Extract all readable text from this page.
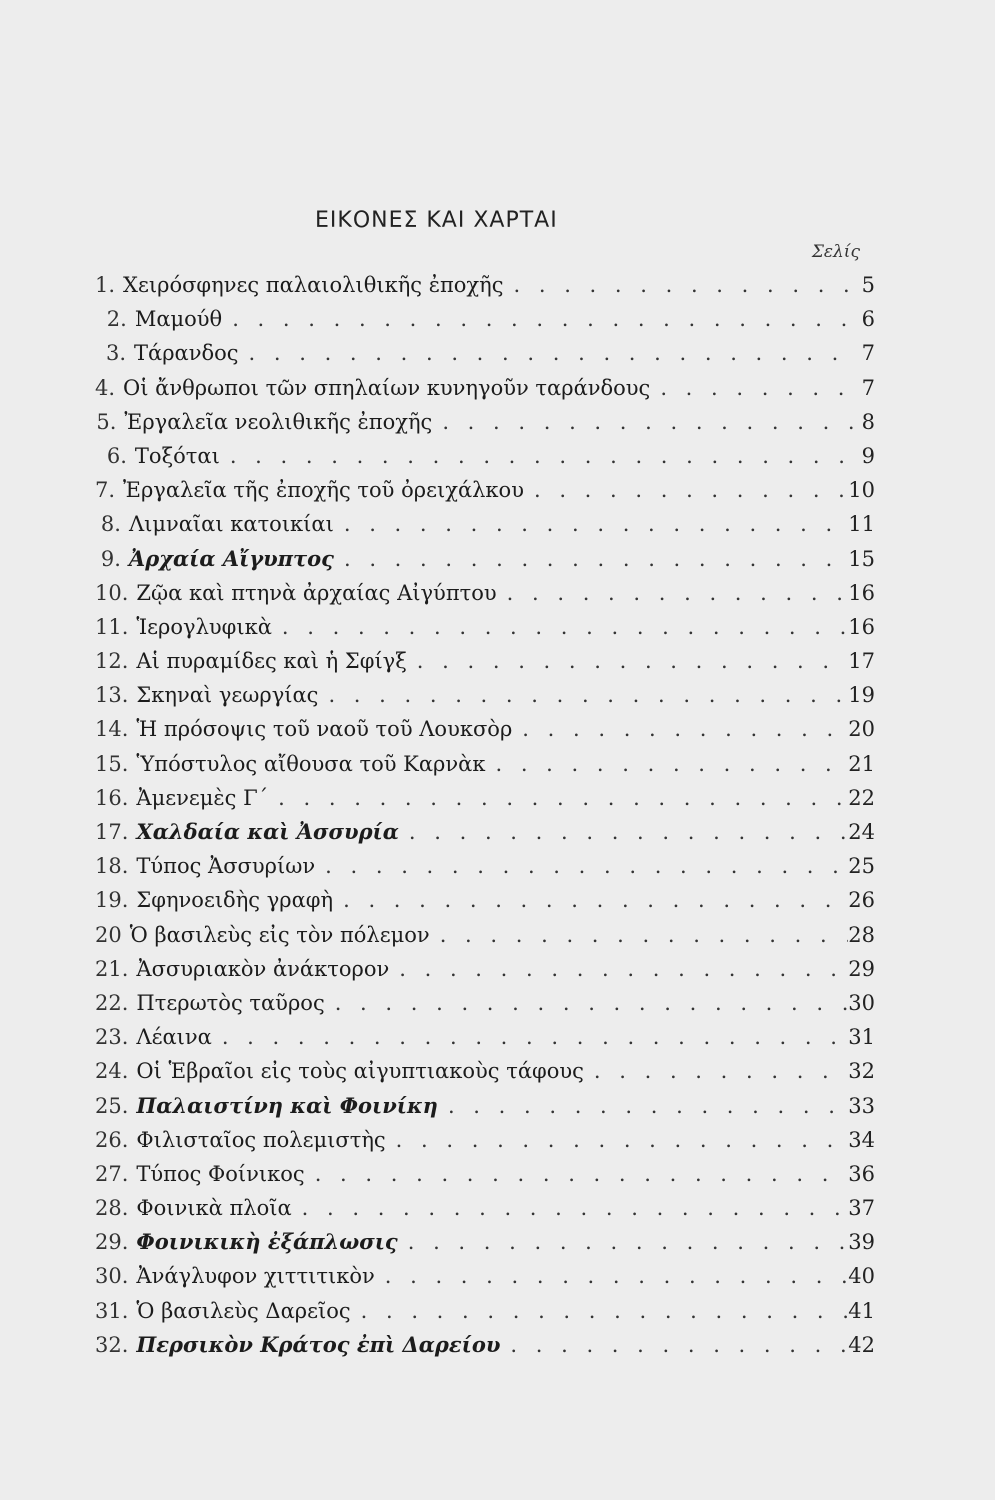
ΕΙΚΟΝΕΣ ΚΑΙ ΧΑΡΤΑΙ
Σελίς
1. Χειρόσφηνες παλαιολιθικῆς ἐποχῆς . . .	5
2. Μαμούθ . . .	6
3. Τάρανδος . . .	7
4. Οἱ ἄνθρωποι τῶν σπηλαίων κυνηγοῦν ταράνδους . . .	7
5. Ἐργαλεῖα νεολιθικῆς ἐποχῆς . . .	8
6. Τοξόται . . .	9
7. Ἐργαλεῖα τῆς ἐποχῆς τοῦ ὀρειχάλκου . . .	10
8. Λιμναῖαι κατοικίαι . . .	11
9. Ἀρχαία Αἴγυπτος . . .	15
10. Ζῷα καὶ πτηνὰ ἀρχαίας Αἰγύπτου . . .	16
11. Ἱερογλυφικὰ . . .	16
12. Αἱ πυραμίδες καὶ ἡ Σφίγξ . . .	17
13. Σκηναὶ γεωργίας . . .	19
14. Ἡ πρόσοψις τοῦ ναοῦ τοῦ Λουκσὸρ . . .	20
15. Ὑπόστυλος αἴθουσα τοῦ Καρνὰκ . . .	21
16. Ἀμενεμὲς Γ΄ . . .	22
17. Χαλδαία καὶ Ἀσσυρία . . .	24
18. Τύπος Ἀσσυρίων . . .	25
19. Σφηνοειδὴς γραφὴ . . .	26
20 Ὁ βασιλεὺς εἰς τὸν πόλεμον . . .	28
21. Ἀσσυριακὸν ἀνάκτορον . . .	29
22. Πτερωτὸς ταῦρος . . .	30
23. Λέαινα . . .	31
24. Οἱ Ἑβραῖοι εἰς τοὺς αἰγυπτιακοὺς τάφους . . .	32
25. Παλαιστίνη καὶ Φοινίκη . . .	33
26. Φιλισταῖος πολεμιστὴς . . .	34
27. Τύπος Φοίνικος . . .	36
28. Φοινικὰ πλοῖα . . .	37
29. Φοινικικὴ ἐξάπλωσις . . .	39
30. Ἀνάγλυφον χιττιτικὸν . . .	40
31. Ὁ βασιλεὺς Δαρεῖος . . .	41
32. Περσικὸν Κράτος ἐπὶ Δαρείου . . .	42
